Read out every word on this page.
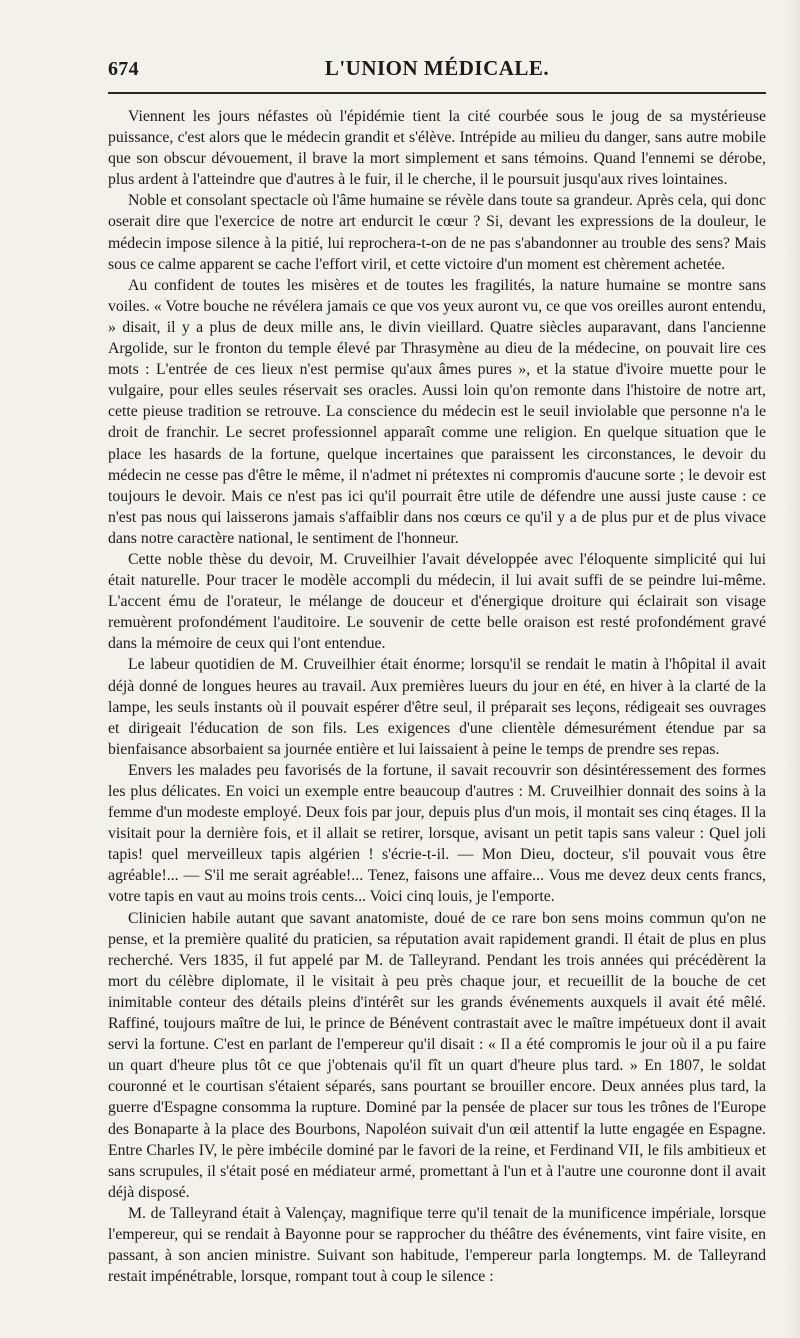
674	L'UNION MÉDICALE.

Viennent les jours néfastes où l'épidémie tient la cité courbée sous le joug de sa mystérieuse puissance, c'est alors que le médecin grandit et s'élève. Intrépide au milieu du danger, sans autre mobile que son obscur dévouement, il brave la mort simplement et sans témoins. Quand l'ennemi se dérobe, plus ardent à l'atteindre que d'autres à le fuir, il le cherche, il le poursuit jusqu'aux rives lointaines.

Noble et consolant spectacle où l'âme humaine se révèle dans toute sa grandeur. Après cela, qui donc oserait dire que l'exercice de notre art endurcit le cœur ? Si, devant les expressions de la douleur, le médecin impose silence à la pitié, lui reprochera-t-on de ne pas s'abandonner au trouble des sens? Mais sous ce calme apparent se cache l'effort viril, et cette victoire d'un moment est chèrement achetée.

Au confident de toutes les misères et de toutes les fragilités, la nature humaine se montre sans voiles. « Votre bouche ne révélera jamais ce que vos yeux auront vu, ce que vos oreilles auront entendu, » disait, il y a plus de deux mille ans, le divin vieillard. Quatre siècles auparavant, dans l'ancienne Argolide, sur le fronton du temple élevé par Thrasymène au dieu de la médecine, on pouvait lire ces mots : L'entrée de ces lieux n'est permise qu'aux âmes pures », et la statue d'ivoire muette pour le vulgaire, pour elles seules réservait ses oracles. Aussi loin qu'on remonte dans l'histoire de notre art, cette pieuse tradition se retrouve. La conscience du médecin est le seuil inviolable que personne n'a le droit de franchir. Le secret professionnel apparaît comme une religion. En quelque situation que le place les hasards de la fortune, quelque incertaines que paraissent les circonstances, le devoir du médecin ne cesse pas d'être le même, il n'admet ni prétextes ni compromis d'aucune sorte ; le devoir est toujours le devoir. Mais ce n'est pas ici qu'il pourrait être utile de défendre une aussi juste cause : ce n'est pas nous qui laisserons jamais s'affaiblir dans nos cœurs ce qu'il y a de plus pur et de plus vivace dans notre caractère national, le sentiment de l'honneur.

Cette noble thèse du devoir, M. Cruveilhier l'avait développée avec l'éloquente simplicité qui lui était naturelle. Pour tracer le modèle accompli du médecin, il lui avait suffi de se peindre lui-même. L'accent ému de l'orateur, le mélange de douceur et d'énergique droiture qui éclairait son visage remuèrent profondément l'auditoire. Le souvenir de cette belle oraison est resté profondément gravé dans la mémoire de ceux qui l'ont entendue.

Le labeur quotidien de M. Cruveilhier était énorme; lorsqu'il se rendait le matin à l'hôpital il avait déjà donné de longues heures au travail. Aux premières lueurs du jour en été, en hiver à la clarté de la lampe, les seuls instants où il pouvait espérer d'être seul, il préparait ses leçons, rédigeait ses ouvrages et dirigeait l'éducation de son fils. Les exigences d'une clientèle démesurément étendue par sa bienfaisance absorbaient sa journée entière et lui laissaient à peine le temps de prendre ses repas.

Envers les malades peu favorisés de la fortune, il savait recouvrir son désintéressement des formes les plus délicates. En voici un exemple entre beaucoup d'autres : M. Cruveilhier donnait des soins à la femme d'un modeste employé. Deux fois par jour, depuis plus d'un mois, il montait ses cinq étages. Il la visitait pour la dernière fois, et il allait se retirer, lorsque, avisant un petit tapis sans valeur : Quel joli tapis! quel merveilleux tapis algérien ! s'écrie-t-il. — Mon Dieu, docteur, s'il pouvait vous être agréable!... — S'il me serait agréable!... Tenez, faisons une affaire... Vous me devez deux cents francs, votre tapis en vaut au moins trois cents... Voici cinq louis, je l'emporte.

Clinicien habile autant que savant anatomiste, doué de ce rare bon sens moins commun qu'on ne pense, et la première qualité du praticien, sa réputation avait rapidement grandi. Il était de plus en plus recherché. Vers 1835, il fut appelé par M. de Talleyrand. Pendant les trois années qui précédèrent la mort du célèbre diplomate, il le visitait à peu près chaque jour, et recueillit de la bouche de cet inimitable conteur des détails pleins d'intérêt sur les grands événements auxquels il avait été mêlé. Raffiné, toujours maître de lui, le prince de Bénévent contrastait avec le maître impétueux dont il avait servi la fortune. C'est en parlant de l'empereur qu'il disait : « Il a été compromis le jour où il a pu faire un quart d'heure plus tôt ce que j'obtenais qu'il fît un quart d'heure plus tard. » En 1807, le soldat couronné et le courtisan s'étaient séparés, sans pourtant se brouiller encore. Deux années plus tard, la guerre d'Espagne consomma la rupture. Dominé par la pensée de placer sur tous les trônes de l'Europe des Bonaparte à la place des Bourbons, Napoléon suivait d'un œil attentif la lutte engagée en Espagne. Entre Charles IV, le père imbécile dominé par le favori de la reine, et Ferdinand VII, le fils ambitieux et sans scrupules, il s'était posé en médiateur armé, promettant à l'un et à l'autre une couronne dont il avait déjà disposé.

M. de Talleyrand était à Valençay, magnifique terre qu'il tenait de la munificence impériale, lorsque l'empereur, qui se rendait à Bayonne pour se rapprocher du théâtre des événements, vint faire visite, en passant, à son ancien ministre. Suivant son habitude, l'empereur parla longtemps. M. de Talleyrand restait impénétrable, lorsque, rompant tout à coup le silence :
